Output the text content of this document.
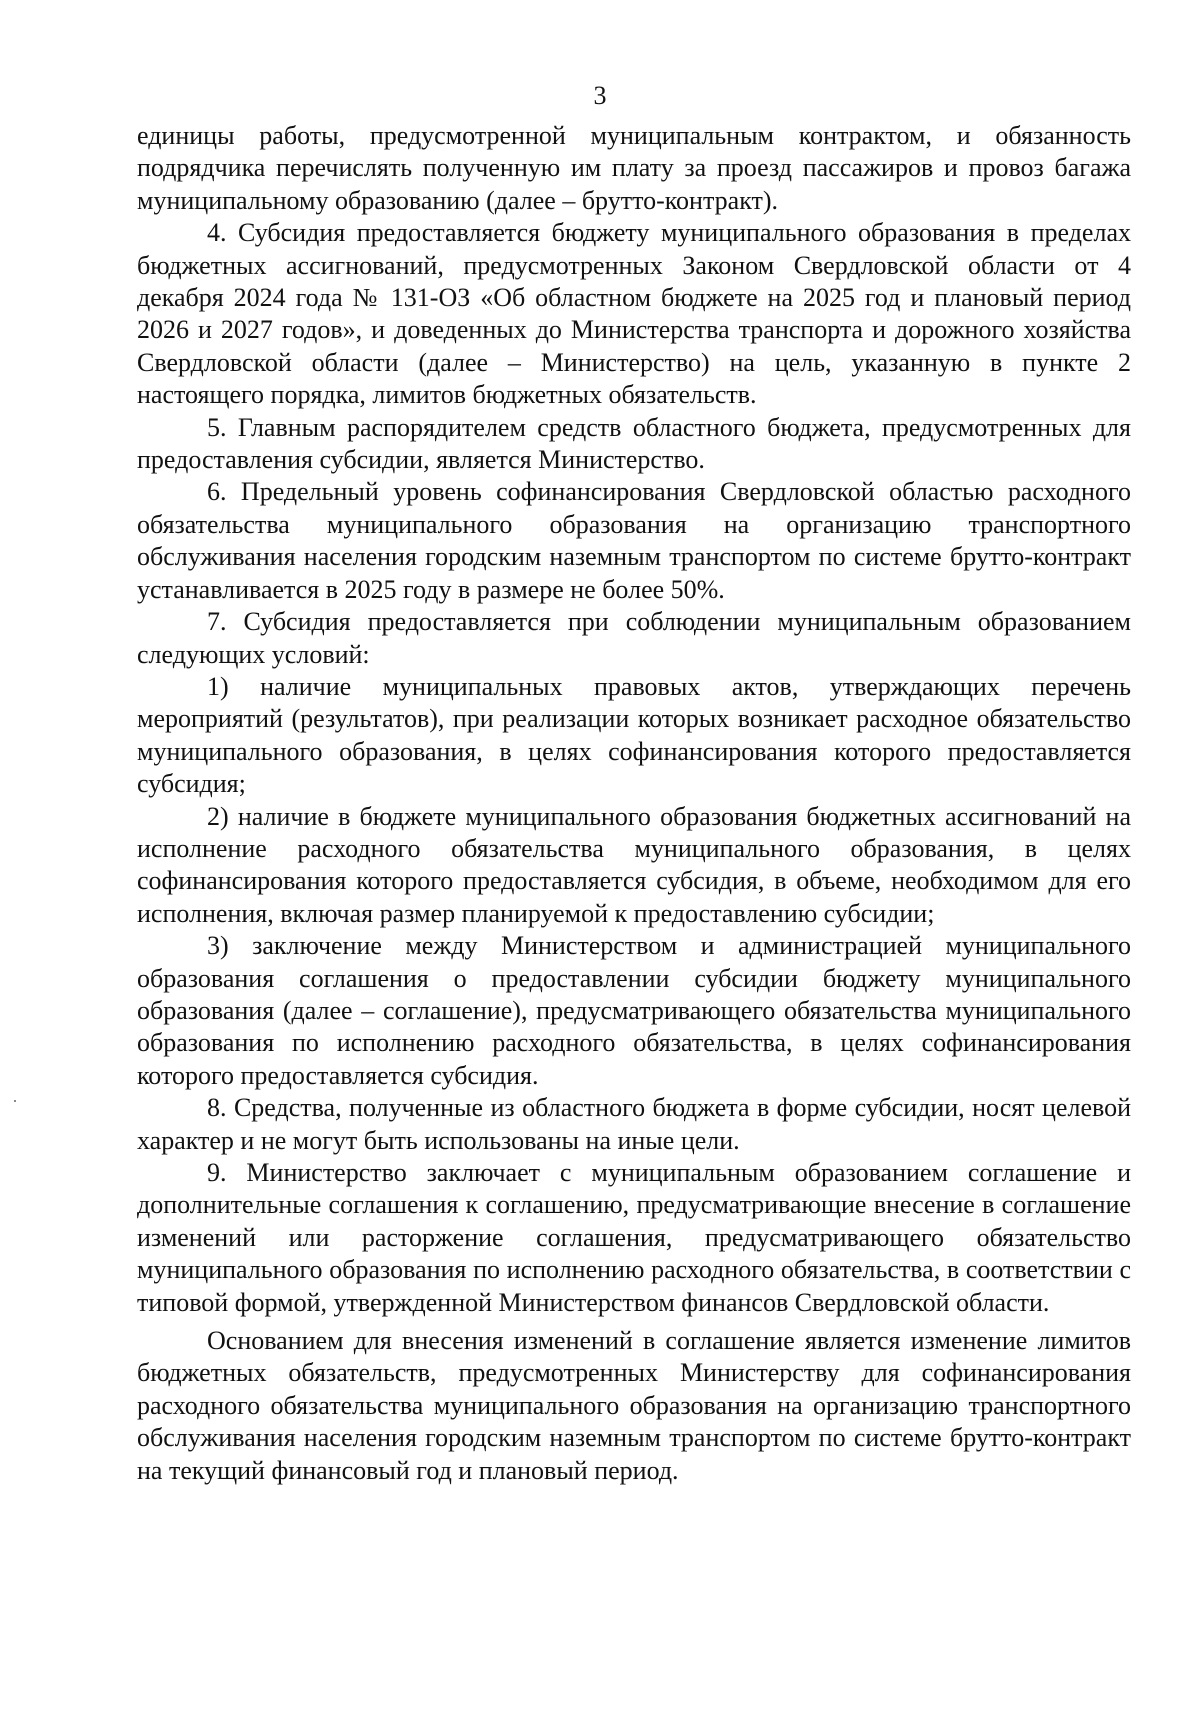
3

единицы работы, предусмотренной муниципальным контрактом, и обязанность подрядчика перечислять полученную им плату за проезд пассажиров и провоз багажа муниципальному образованию (далее – брутто-контракт).

4. Субсидия предоставляется бюджету муниципального образования в пределах бюджетных ассигнований, предусмотренных Законом Свердловской области от 4 декабря 2024 года № 131-ОЗ «Об областном бюджете на 2025 год и плановый период 2026 и 2027 годов», и доведенных до Министерства транспорта и дорожного хозяйства Свердловской области (далее – Министерство) на цель, указанную в пункте 2 настоящего порядка, лимитов бюджетных обязательств.

5. Главным распорядителем средств областного бюджета, предусмотренных для предоставления субсидии, является Министерство.

6. Предельный уровень софинансирования Свердловской областью расходного обязательства муниципального образования на организацию транспортного обслуживания населения городским наземным транспортом по системе брутто-контракт устанавливается в 2025 году в размере не более 50%.

7. Субсидия предоставляется при соблюдении муниципальным образованием следующих условий:

1) наличие муниципальных правовых актов, утверждающих перечень мероприятий (результатов), при реализации которых возникает расходное обязательство муниципального образования, в целях софинансирования которого предоставляется субсидия;

2) наличие в бюджете муниципального образования бюджетных ассигнований на исполнение расходного обязательства муниципального образования, в целях софинансирования которого предоставляется субсидия, в объеме, необходимом для его исполнения, включая размер планируемой к предоставлению субсидии;

3) заключение между Министерством и администрацией муниципального образования соглашения о предоставлении субсидии бюджету муниципального образования (далее – соглашение), предусматривающего обязательства муниципального образования по исполнению расходного обязательства, в целях софинансирования которого предоставляется субсидия.

8. Средства, полученные из областного бюджета в форме субсидии, носят целевой характер и не могут быть использованы на иные цели.

9. Министерство заключает с муниципальным образованием соглашение и дополнительные соглашения к соглашению, предусматривающие внесение в соглашение изменений или расторжение соглашения, предусматривающего обязательство муниципального образования по исполнению расходного обязательства, в соответствии с типовой формой, утвержденной Министерством финансов Свердловской области.

Основанием для внесения изменений в соглашение является изменение лимитов бюджетных обязательств, предусмотренных Министерству для софинансирования расходного обязательства муниципального образования на организацию транспортного обслуживания населения городским наземным транспортом по системе брутто-контракт на текущий финансовый год и плановый период.
